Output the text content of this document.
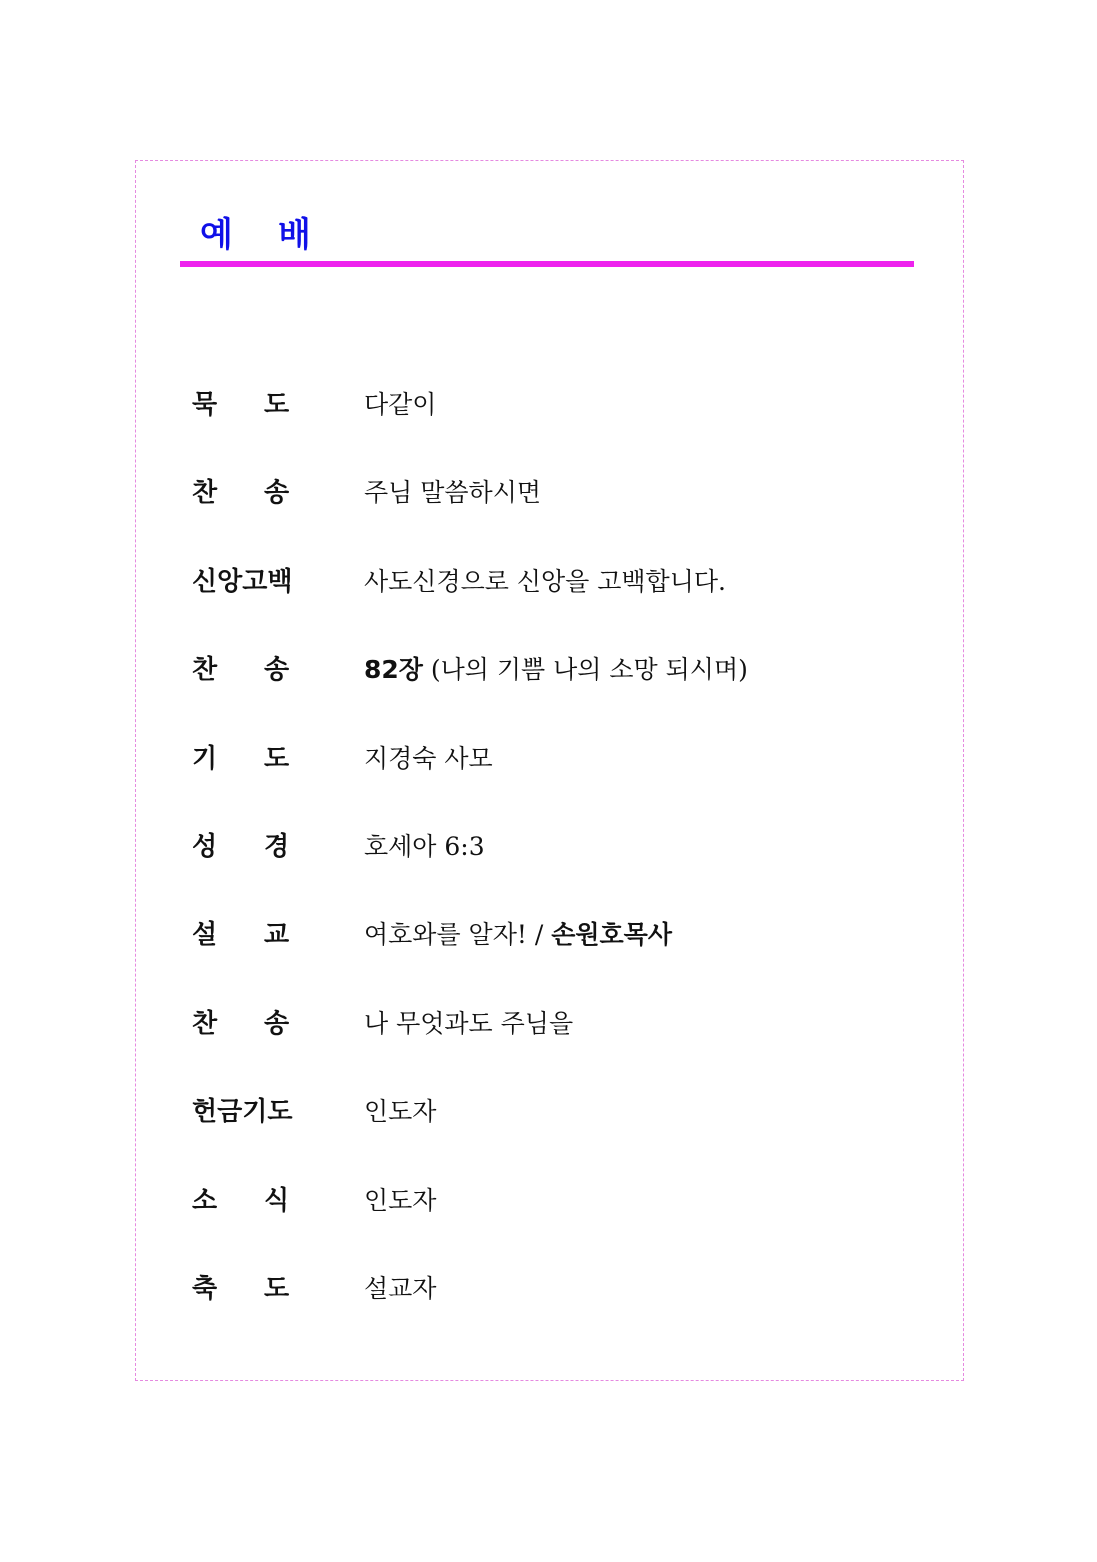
예 배
묵 도	다같이
찬 송	주님 말씀하시면
신앙고백	사도신경으로 신앙을 고백합니다.
찬 송	82장 (나의 기쁨 나의 소망 되시며)
기 도	지경숙 사모
성 경	호세아 6:3
설 교	여호와를 알자! / 손원호목사
찬 송	나 무엇과도 주님을
헌금기도	인도자
소 식	인도자
축 도	설교자
